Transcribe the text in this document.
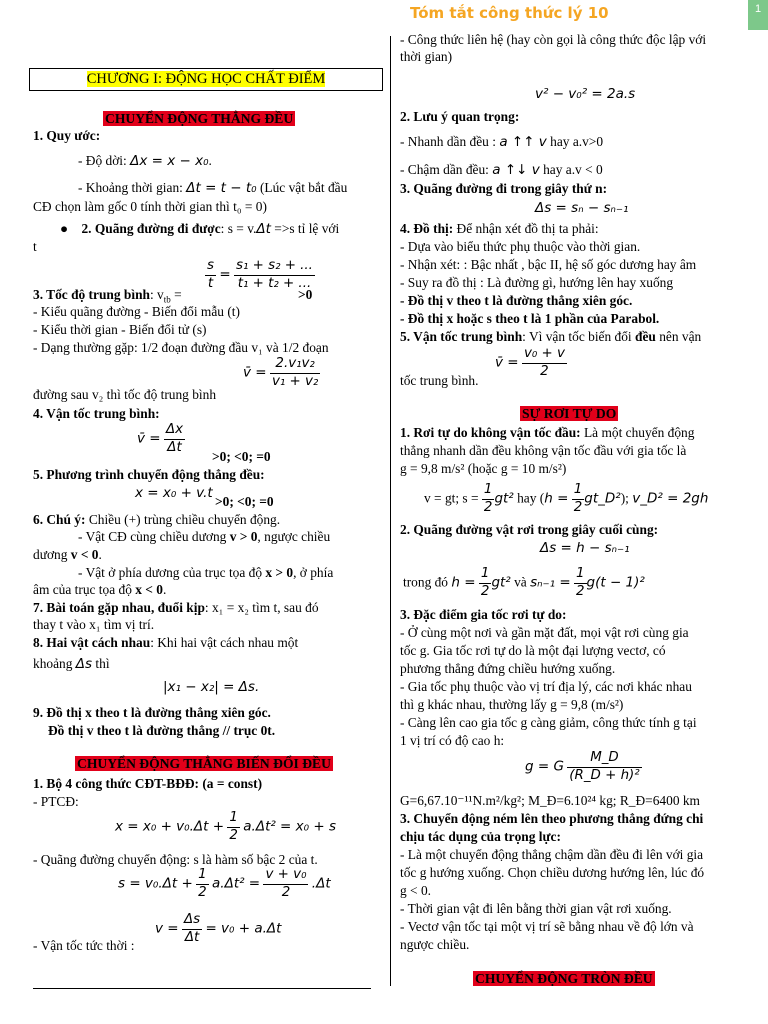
Tóm tắt công thức lý 10	1
CHƯƠNG I: ĐỘNG HỌC CHẤT ĐIỂM
CHUYỂN ĐỘNG THẲNG ĐỀU
1. Quy ước:
- Độ dời: Δx = x − x₀.
- Khoảng thời gian: Δt = t − t₀ (Lúc vật bắt đầu
CĐ chọn làm gốc 0 tính thời gian thì t₀ = 0)
● 2. Quãng đường đi được: s = v.Δt =>s tỉ lệ với
t
$\frac{s}{t} = \frac{\text{s₁ + s₂ + ...}}{\text{t₁ + t₂ + ...}}$
3. Tốc độ trung bình: $v_{tb}$ =	>0
- Kiểu quãng đường - Biến đổi mẫu (t)
- Kiểu thời gian - Biến đổi tử (s)
- Dạng thường gặp: 1/2 đoạn đường đầu v₁ và 1/2 đoạn
v̄ = $\frac{\text{2.v₁v₂}}{\text{v₁ + v₂}}$
đường sau v₂ thì tốc độ trung bình
4. Vận tốc trung bình:
v̄ = $\frac{\Delta x}{\Delta t} >0$; <0; =0
5. Phương trình chuyển động thẳng đều:
x = x₀ + v.t
>0; <0; =0
6. Chú ý: Chiều (+) trùng chiều chuyển động.
- Vật CĐ cùng chiều dương v > 0, ngược chiều
dương v < 0.
- Vật ở phía dương của trục tọa độ x > 0, ở phía
âm của trục tọa độ x < 0.
7. Bài toán gặp nhau, đuổi kịp: x₁ = x₂ tìm t, sau đó
thay t vào x₁ tìm vị trí.
8. Hai vật cách nhau: Khi hai vật cách nhau một
khoảng Δs thì
|x₁ − x₂| = Δs.
9. Đồ thị x theo t là đường thẳng xiên góc.
Đồ thị v theo t là đường thẳng // trục 0t.
CHUYỂN ĐỘNG THẲNG BIẾN ĐỔI ĐỀU
1. Bộ 4 công thức CĐT-BĐĐ: (a = const)
- PTCĐ:
$x = x_0 + v_0.\Delta t + \frac{1}{2} a.\Delta t^2 = x_0 + s$
- Quãng đường chuyển động: s là hàm số bậc 2 của t.
$s = v_0.\Delta t + \frac{1}{2} a.\Delta t^2 = \frac{\text{v + v₀}}{2} .\Delta t$
$v = \frac{\Delta s}{\Delta t} = v_0 + a.\Delta t$
- Vận tốc tức thời :
- Công thức liên hệ (hay còn gọi là công thức độc lập với
thời gian)
v² − v₀² = 2a.s
2. Lưu ý quan trọng:
- Nhanh dần đều : a ↑↑ v hay a.v>0
- Chậm dần đều: a ↑↓ v hay a.v < 0
3. Quãng đường đi trong giây thứ n:
Δs = sₙ − sₙ₋₁
4. Đồ thị: Để nhận xét đồ thị ta phải:
- Dựa vào biểu thức phụ thuộc vào thời gian.
- Nhận xét: : Bậc nhất , bậc II, hệ số góc dương hay âm
- Suy ra đồ thị : Là đường gì, hướng lên hay xuống
- Đồ thị v theo t là đường thẳng xiên góc.
- Đồ thị x hoặc s theo t là 1 phần của Parabol.
5. Vận tốc trung bình: Vì vận tốc biến đổi đều nên vận
v̄ = $\frac{\text{v₀ + v}}{2}$
tốc trung bình.
SỰ RƠI TỰ DO
1. Rơi tự do không vận tốc đầu: Là một chuyển động
thẳng nhanh dần đều không vận tốc đầu với gia tốc là
g = 9,8 m/s² (hoặc g = 10 m/s²)
v = gt; $s = \frac{1}{2} gt^2$ hay ($h = \frac{1}{2}$ gt_D²); v_D² = 2gh
2. Quãng đường vật rơi trong giây cuối cùng:
Δs = h − sₙ₋₁
trong đó $h = \frac{1}{2} gt^2$ và $s_{n-1} = \frac{1}{2} g(t - 1)^2$
3. Đặc điểm gia tốc rơi tự do:
- Ở cùng một nơi và gần mặt đất, mọi vật rơi cùng gia
tốc g. Gia tốc rơi tự do là một đại lượng vectơ, có
phương thẳng đứng chiều hướng xuống.
- Gia tốc phụ thuộc vào vị trí địa lý, các nơi khác nhau
thì g khác nhau, thường lấy g = 9,8 (m/s²)
- Càng lên cao gia tốc g càng giảm, công thức tính g tại
1 vị trí có độ cao h:
g = G $\frac{M\_D}{\text{(R\_D + h)²}}$
G=6,67.10⁻¹¹N.m²/kg²; M_Đ=6.10²⁴ kg; R_Đ=6400 km
3. Chuyển động ném lên theo phương thẳng đứng chi
chịu tác dụng của trọng lực:
- Là một chuyển động thẳng chậm dần đều đi lên với gia
tốc g hướng xuống. Chọn chiều dương hướng lên, lúc đó
g < 0.
- Thời gian vật đi lên bằng thời gian vật rơi xuống.
- Vectơ vận tốc tại một vị trí sẽ bằng nhau về độ lớn và
ngược chiều.
CHUYỂN ĐỘNG TRÒN ĐỀU
